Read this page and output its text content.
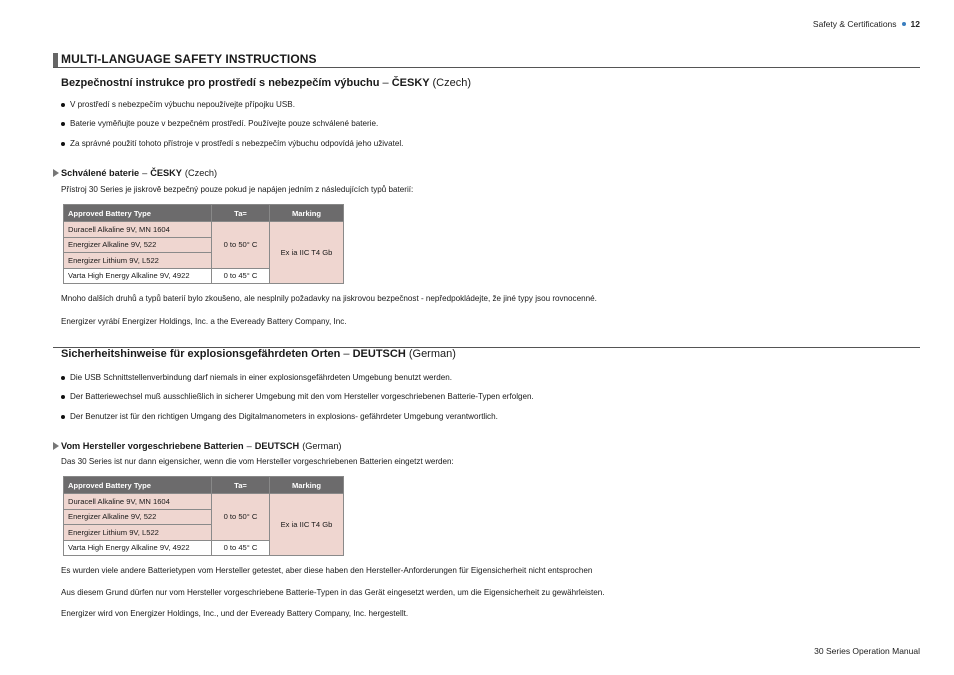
Safety & Certifications 12
MULTI-LANGUAGE SAFETY INSTRUCTIONS
Bezpečnostní instrukce pro prostředí s nebezpečím výbuchu – ČESKY (Czech)
V prostředí s nebezpečím výbuchu nepoužívejte přípojku USB.
Baterie vyměňujte pouze v bezpečném prostředí. Používejte pouze schválené baterie.
Za správné použití tohoto přístroje v prostředí s nebezpečím výbuchu odpovídá jeho uživatel.
Schválené baterie – ČESKY (Czech)
Přístroj 30 Series je jiskrově bezpečný pouze pokud je napájen jedním z následujících typů baterií:
Approved Battery Type	Ta=	Marking
Duracell Alkaline 9V, MN 1604	0 to 50° C	Ex ia IIC T4 Gb
Energizer Alkaline 9V, 522		
Energizer Lithium 9V, L522		
Varta High Energy Alkaline 9V, 4922	0 to 45° C	
Mnoho dalších druhů a typů baterií bylo zkoušeno, ale nesplnily požadavky na jiskrovou bezpečnost - nepředpokládejte, že jiné typy jsou rovnocenné.
Energizer vyrábí Energizer Holdings, Inc. a the Eveready Battery Company, Inc.
Sicherheitshinweise für explosionsgefährdeten Orten – DEUTSCH (German)
Die USB Schnittstellenverbindung darf niemals in einer explosionsgefährdeten Umgebung benutzt werden.
Der Batteriewechsel muß ausschließlich in sicherer Umgebung mit den vom Hersteller vorgeschriebenen Batterie-Typen erfolgen.
Der Benutzer ist für den richtigen Umgang des Digitalmanometers in explosions- gefährdeter Umgebung verantwortlich.
Vom Hersteller vorgeschriebene Batterien – DEUTSCH (German)
Das 30 Series ist nur dann eigensicher, wenn die vom Hersteller vorgeschriebenen Batterien eingetzt werden:
Approved Battery Type	Ta=	Marking
Duracell Alkaline 9V, MN 1604	0 to 50° C	Ex ia IIC T4 Gb
Energizer Alkaline 9V, 522		
Energizer Lithium 9V, L522		
Varta High Energy Alkaline 9V, 4922	0 to 45° C	
Es wurden viele andere Batterietypen vom Hersteller getestet, aber diese haben den Hersteller-Anforderungen für Eigensicherheit nicht entsprochen
Aus diesem Grund dürfen nur vom Hersteller vorgeschriebene Batterie-Typen in das Gerät eingesetzt werden, um die Eigensicherheit zu gewährleisten.
Energizer wird von Energizer Holdings, Inc., und der Eveready Battery Company, Inc. hergestellt.
30 Series Operation Manual
